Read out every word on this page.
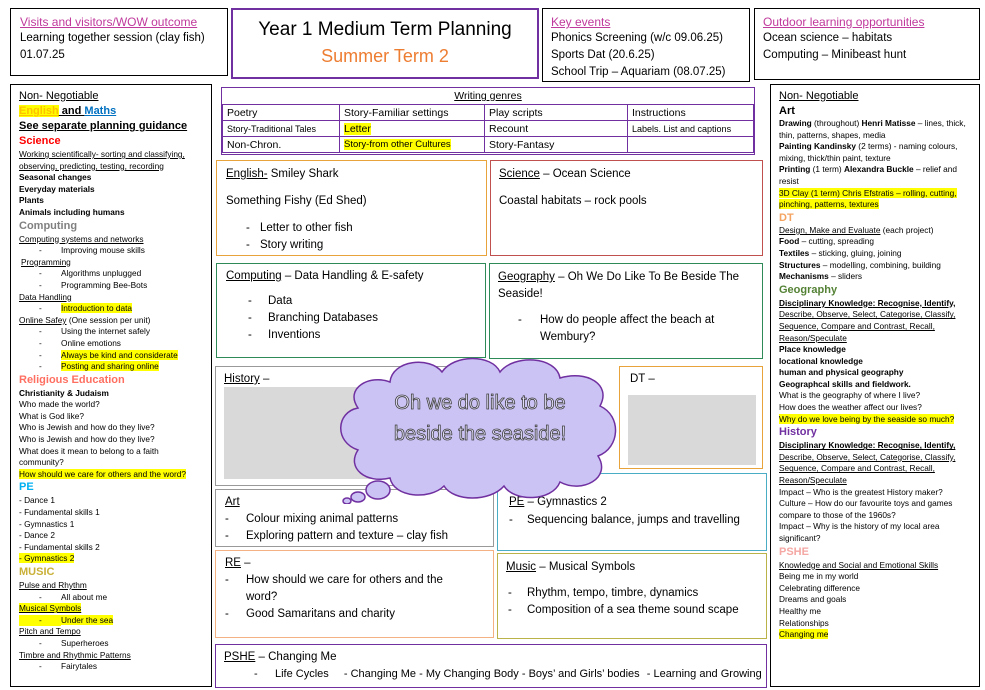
Visits and visitors/WOW outcome
Learning together session (clay fish)
01.07.25
Year 1 Medium Term Planning
Summer Term 2
Key events
Phonics Screening (w/c 09.06.25)
Sports Dat (20.6.25)
School Trip – Aquariam (08.07.25)
Outdoor learning opportunities
Ocean science – habitats
Computing – Minibeast hunt
Non- Negotiable
English and Maths
See separate planning guidance
Science
Working scientifically- sorting and classifying,
observing, predicting, testing, recording
Seasonal changes
Everyday materials
Plants
Animals including humans
Computing
Computing systems and networks
- Improving mouse skills
Programming
- Algorithms unplugged
- Programming Bee-Bots
Data Handling
- Introduction to data
Online Safey (One session per unit)
- Using the internet safely
- Online emotions
- Always be kind and considerate
- Posting and sharing online
Religious Education
Christianity & Judaism
Who made the world?
What is God like?
Who is Jewish and how do they live?
Who is Jewish and how do they live?
What does it mean to belong to a faith
community?
How should we care for others and the word?
PE
- Dance 1
- Fundamental skills 1
- Gymnastics 1
- Dance 2
- Fundamental skills 2
- Gymnastics 2
MUSIC
Pulse and Rhythm
- All about me
Musical Symbols
- Under the sea
Pitch and Tempo
- Superheroes
Timbre and Rhythmic Patterns
- Fairytales
Writing genres
Poetry	Story-Familiar settings	Play scripts	Instructions
Story-Traditional Tales	Letter	Recount	Labels. List and captions
Non-Chron.	Story-from other Cultures	Story-Fantasy	
English- Smiley Shark
Something Fishy (Ed Shed)
- Letter to other fish
- Story writing
Science – Ocean Science
Coastal habitats – rock pools
Computing – Data Handling & E-safety
- Data
- Branching Databases
- Inventions
Geography – Oh We Do Like To Be Beside The
Seaside!
- How do people affect the beach at
Wembury?
History –	DT –
Art
- Colour mixing animal patterns
- Exploring pattern and texture – clay fish
PE – Gymnastics 2
- Sequencing balance, jumps and travelling
RE –
- How should we care for others and the
word?
- Good Samaritans and charity
Music – Musical Symbols
- Rhythm, tempo, timbre, dynamics
- Composition of a sea theme sound scape
PSHE – Changing Me
- Life Cycles - Changing Me - My Changing Body - Boys’ and Girls’ bodies - Learning and Growing
Oh we do like to be
beside the seaside!
Non- Negotiable
Art
Drawing (throughout) Henri Matisse – lines, thick,
thin, patterns, shapes, media
Painting Kandinsky (2 terms) - naming colours,
mixing, thick/thin paint, texture
Printing (1 term) Alexandra Buckle – relief and
resist
3D Clay (1 term) Chris Efstratis – rolling, cutting,
pinching, patterns, textures
DT
Design, Make and Evaluate (each project)
Food – cutting, spreading
Textiles – sticking, gluing, joining
Structures – modelling, combining, building
Mechanisms – sliders
Geography
Disciplinary Knowledge: Recognise, Identify,
Describe, Observe, Select, Categorise, Classify,
Sequence, Compare and Contrast, Recall,
Reason/Speculate
Place knowledge
locational knowledge
human and physical geography
Geographcal skills and fieldwork.
What is the geography of where I live?
How does the weather affect our lives?
Why do we love being by the seaside so much?
History
Disciplinary Knowledge: Recognise, Identify,
Describe, Observe, Select, Categorise, Classify,
Sequence, Compare and Contrast, Recall,
Reason/Speculate
Impact – Who is the greatest History maker?
Culture – How do our favourite toys and games
compare to those of the 1960s?
Impact – Why is the history of my local area
significant?
PSHE
Knowledge and Social and Emotional Skills
Being me in my world
Celebrating difference
Dreams and goals
Healthy me
Relationships
Changing me
